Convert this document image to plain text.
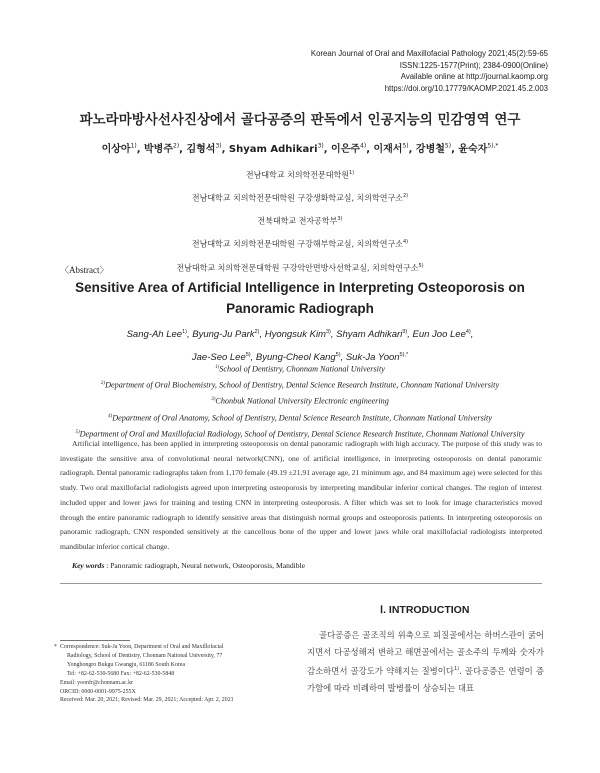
Korean Journal of Oral and Maxillofacial Pathology 2021;45(2):59-65
ISSN:1225-1577(Print); 2384-0900(Online)
Available online at http://journal.kaomp.org
https://doi.org/10.17779/KAOMP.2021.45.2.003
파노라마방사선사진상에서 골다공증의 판독에서 인공지능의 민감영역 연구
이상아$^{1)}$, 박병주$^{2)}$, 김형석$^{3)}$, Shyam Adhikari$^{3)}$, 이은주$^{4)}$, 이재서$^{5)}$, 강병철$^{5)}$, 윤숙자$^{5),*}$
전남대학교 치의학전문대학원$^{1)}$
전남대학교 치의학전문대학원 구강생화학교실, 치의학연구소$^{2)}$
전북대학교 전자공학부$^{3)}$
전남대학교 치의학전문대학원 구강해부학교실, 치의학연구소$^{4)}$
전남대학교 치의학전문대학원 구강악안면방사선학교실, 치의학연구소$^{5)}$
〈Abstract〉
Sensitive Area of Artificial Intelligence in Interpreting Osteoporosis on Panoramic Radiograph
Sang-Ah Lee$^{1)}$, Byung-Ju Park$^{2)}$, Hyongsuk Kim$^{3)}$, Shyam Adhikari$^{3)}$, Eun Joo Lee$^{4)}$,
Jae-Seo Lee$^{5)}$, Byung-Cheol Kang$^{5)}$, Suk-Ja Yoon$^{5),*}$
$^{1)}$School of Dentistry, Chonnam National University
$^{2)}$Department of Oral Biochemistry, School of Dentistry, Dental Science Research Institute, Chonnam National University
$^{3)}$Chonbuk National University Electronic engineering
$^{4)}$Department of Oral Anatomy, School of Dentistry, Dental Science Research Institute, Chonnam National University
$^{5)}$Department of Oral and Maxillofacial Radiology, School of Dentistry, Dental Science Research Institute, Chonnam National University
Artificial intelligence, has been applied in interpreting osteoporosis on dental panoramic radiograph with high accuracy. The purpose of this study was to investigate the sensitive area of convolutional neural network(CNN), one of artificial intelligence, in interpreting osteoporosis on dental panoramic radiograph. Dental panoramic radiographs taken from 1,170 female (49.19 ±21.91 average age, 21 minimum age, and 84 maximum age) were selected for this study. Two oral maxillofacial radiologists agreed upon interpreting osteoporosis by interpreting mandibular inferior cortical changes. The region of interest included upper and lower jaws for training and testing CNN in interpreting osteoporosis. A filter which was set to look for image characteristics moved through the entire panoramic radiograph to identify sensitive areas that distinguish normal groups and osteoporosis patients. In interpreting osteoporosis on panoramic radiograph, CNN responded sensitively at the cancellous bone of the upper and lower jaws while oral maxillofacial radiologists interpreted mandibular inferior cortical change.
Key words : Panoramic radiograph, Neural network, Osteoporosis, Mandible
* Correspondence: Suk-Ja Yoon, Department of Oral and Maxillofacial
Radiology, School of Dentistry, Chonnam National University, 77
Yongbongro Bukgu Gwangju, 61186 South Korea
Tel: +82-62-530-5680 Fax: +82-62-530-5848
Email: yoonfr@chonnam.ac.kr
ORCID: 0000-0001-9975-255X
Received: Mar. 20, 2021; Revised: Mar. 29, 2021; Accepted: Apr. 2, 2021
Ⅰ. INTRODUCTION
골다공증은 골조직의 위축으로 피질골에서는 하버스관이 굵어지면서 다공성해져 변하고 해면골에서는 골소주의 두께와 숫자가 감소하면서 골강도가 약해지는 질병이다$^{1)}$. 골다공증은 연령이 증가함에 따라 비례하여 발병률이 상승되는 대표
